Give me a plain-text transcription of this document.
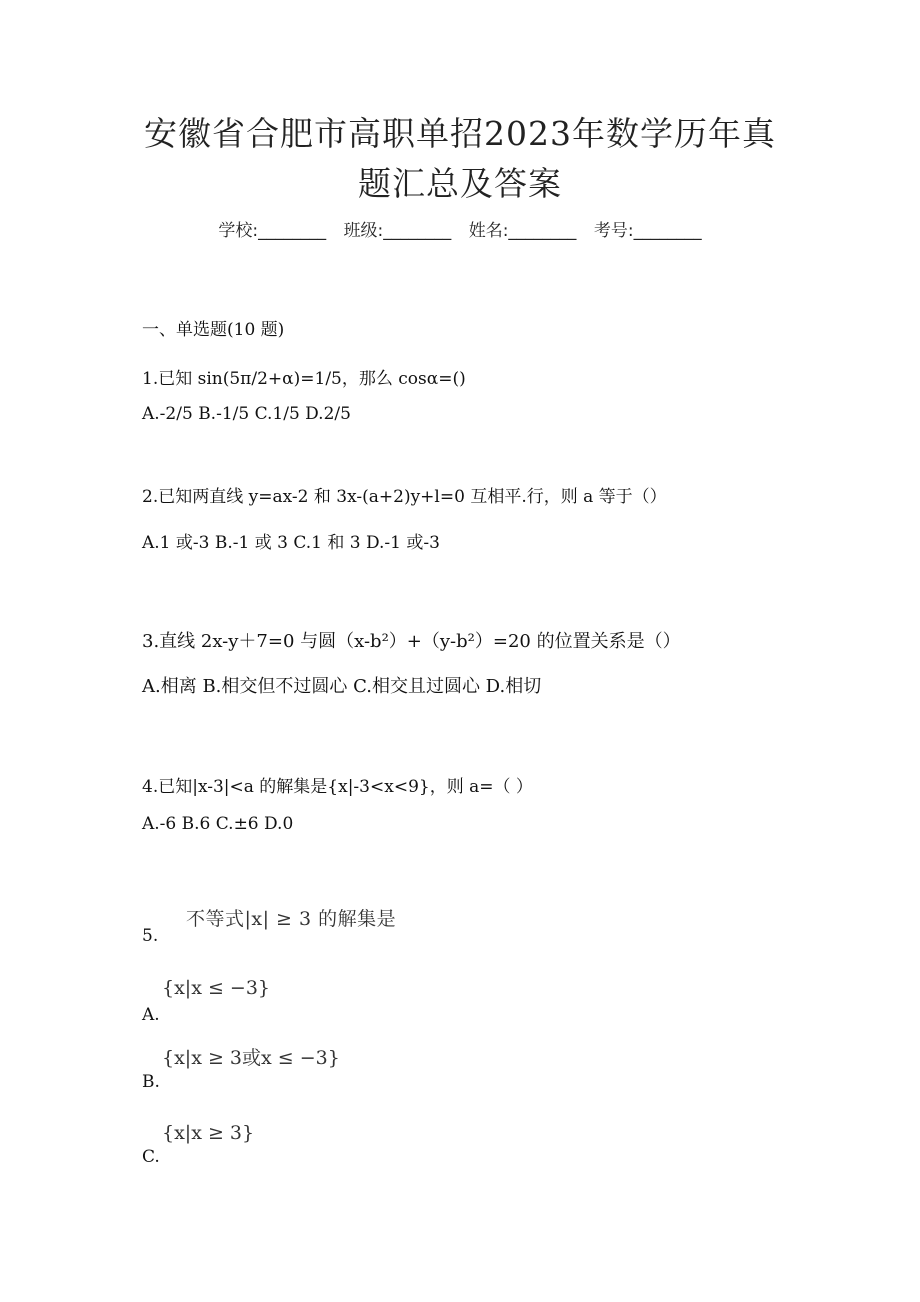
安徽省合肥市高职单招2023年数学历年真
题汇总及答案
学校:________ 班级:________ 姓名:________ 考号:________
一、单选题(10 题)
1.已知 sin(5π/2+α)=1/5，那么 cosα=()
A.-2/5 B.-1/5 C.1/5 D.2/5
2.已知两直线 y=ax-2 和 3x-(a+2)y+l=0 互相平.行，则 a 等于（）
A.1 或-3 B.-1 或 3 C.1 和 3 D.-1 或-3
3.直线 2x-y＋7=0 与圆（x-b²）+（y-b²）=20 的位置关系是（）
A.相离 B.相交但不过圆心 C.相交且过圆心 D.相切
4.已知|x-3|<a 的解集是{x|-3<x<9}，则 a=（ ）
A.-6 B.6 C.±6 D.0
不等式|x| ≥ 3 的解集是
5.
{x|x ≤ −3}
A.
{x|x ≥ 3或x ≤ −3}
B.
{x|x ≥ 3}
C.
